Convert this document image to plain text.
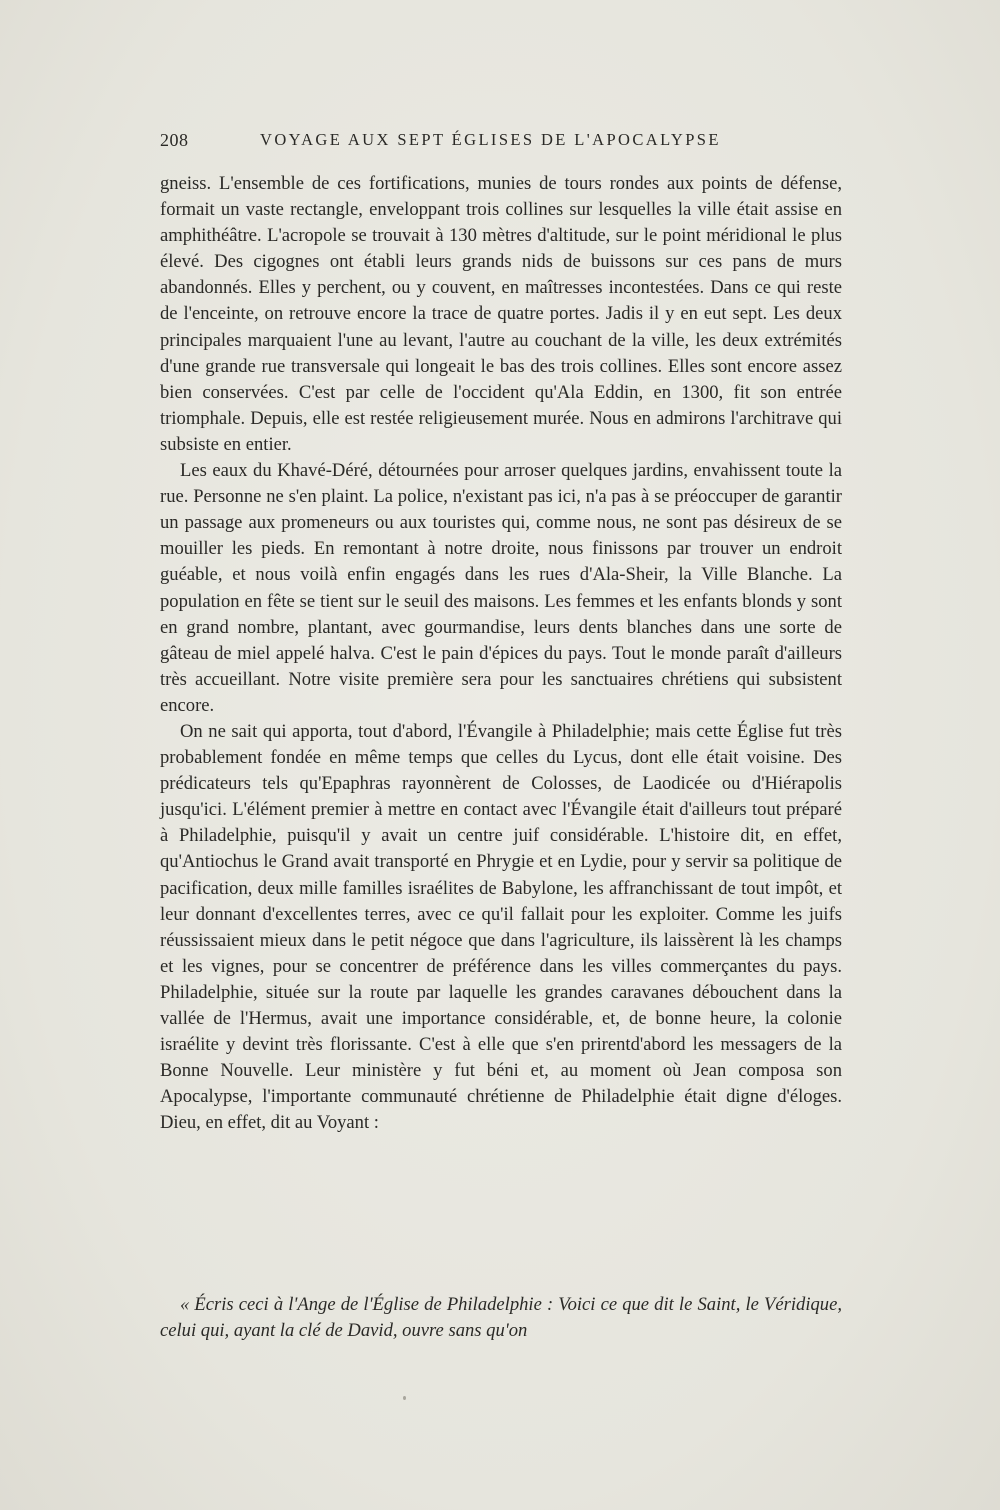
208	VOYAGE AUX SEPT ÉGLISES DE L'APOCALYPSE

gneiss. L'ensemble de ces fortifications, munies de tours rondes aux points de défense, formait un vaste rectangle, enveloppant trois collines sur lesquelles la ville était assise en amphithéâtre. L'acropole se trouvait à 130 mètres d'altitude, sur le point méridional le plus élevé. Des cigognes ont établi leurs grands nids de buissons sur ces pans de murs abandonnés. Elles y perchent, ou y couvent, en maîtresses incontestées. Dans ce qui reste de l'enceinte, on retrouve encore la trace de quatre portes. Jadis il y en eut sept. Les deux principales marquaient l'une au levant, l'autre au couchant de la ville, les deux extrémités d'une grande rue transversale qui longeait le bas des trois collines. Elles sont encore assez bien conservées. C'est par celle de l'occident qu'Ala Eddin, en 1300, fit son entrée triomphale. Depuis, elle est restée religieusement murée. Nous en admirons l'architrave qui subsiste en entier.

Les eaux du Khavé-Déré, détournées pour arroser quelques jardins, envahissent toute la rue. Personne ne s'en plaint. La police, n'existant pas ici, n'a pas à se préoccuper de garantir un passage aux promeneurs ou aux touristes qui, comme nous, ne sont pas désireux de se mouiller les pieds. En remontant à notre droite, nous finissons par trouver un endroit guéable, et nous voilà enfin engagés dans les rues d'Ala-Sheir, la Ville Blanche. La population en fête se tient sur le seuil des maisons. Les femmes et les enfants blonds y sont en grand nombre, plantant, avec gourmandise, leurs dents blanches dans une sorte de gâteau de miel appelé halva. C'est le pain d'épices du pays. Tout le monde paraît d'ailleurs très accueillant. Notre visite première sera pour les sanctuaires chrétiens qui subsistent encore.

On ne sait qui apporta, tout d'abord, l'Évangile à Philadelphie; mais cette Église fut très probablement fondée en même temps que celles du Lycus, dont elle était voisine. Des prédicateurs tels qu'Epaphras rayonnèrent de Colosses, de Laodicée ou d'Hiérapolis jusqu'ici. L'élément premier à mettre en contact avec l'Évangile était d'ailleurs tout préparé à Philadelphie, puisqu'il y avait un centre juif considérable. L'histoire dit, en effet, qu'Antiochus le Grand avait transporté en Phrygie et en Lydie, pour y servir sa politique de pacification, deux mille familles israélites de Babylone, les affranchissant de tout impôt, et leur donnant d'excellentes terres, avec ce qu'il fallait pour les exploiter. Comme les juifs réussissaient mieux dans le petit négoce que dans l'agriculture, ils laissèrent là les champs et les vignes, pour se concentrer de préférence dans les villes commerçantes du pays. Philadelphie, située sur la route par laquelle les grandes caravanes débouchent dans la vallée de l'Hermus, avait une importance considérable, et, de bonne heure, la colonie israélite y devint très florissante. C'est à elle que s'en prirentd'abord les messagers de la Bonne Nouvelle. Leur ministère y fut béni et, au moment où Jean composa son Apocalypse, l'importante communauté chrétienne de Philadelphie était digne d'éloges. Dieu, en effet, dit au Voyant :

« Écris ceci à l'Ange de l'Église de Philadelphie : Voici ce que dit le Saint, le Véridique, celui qui, ayant la clé de David, ouvre sans qu'on
